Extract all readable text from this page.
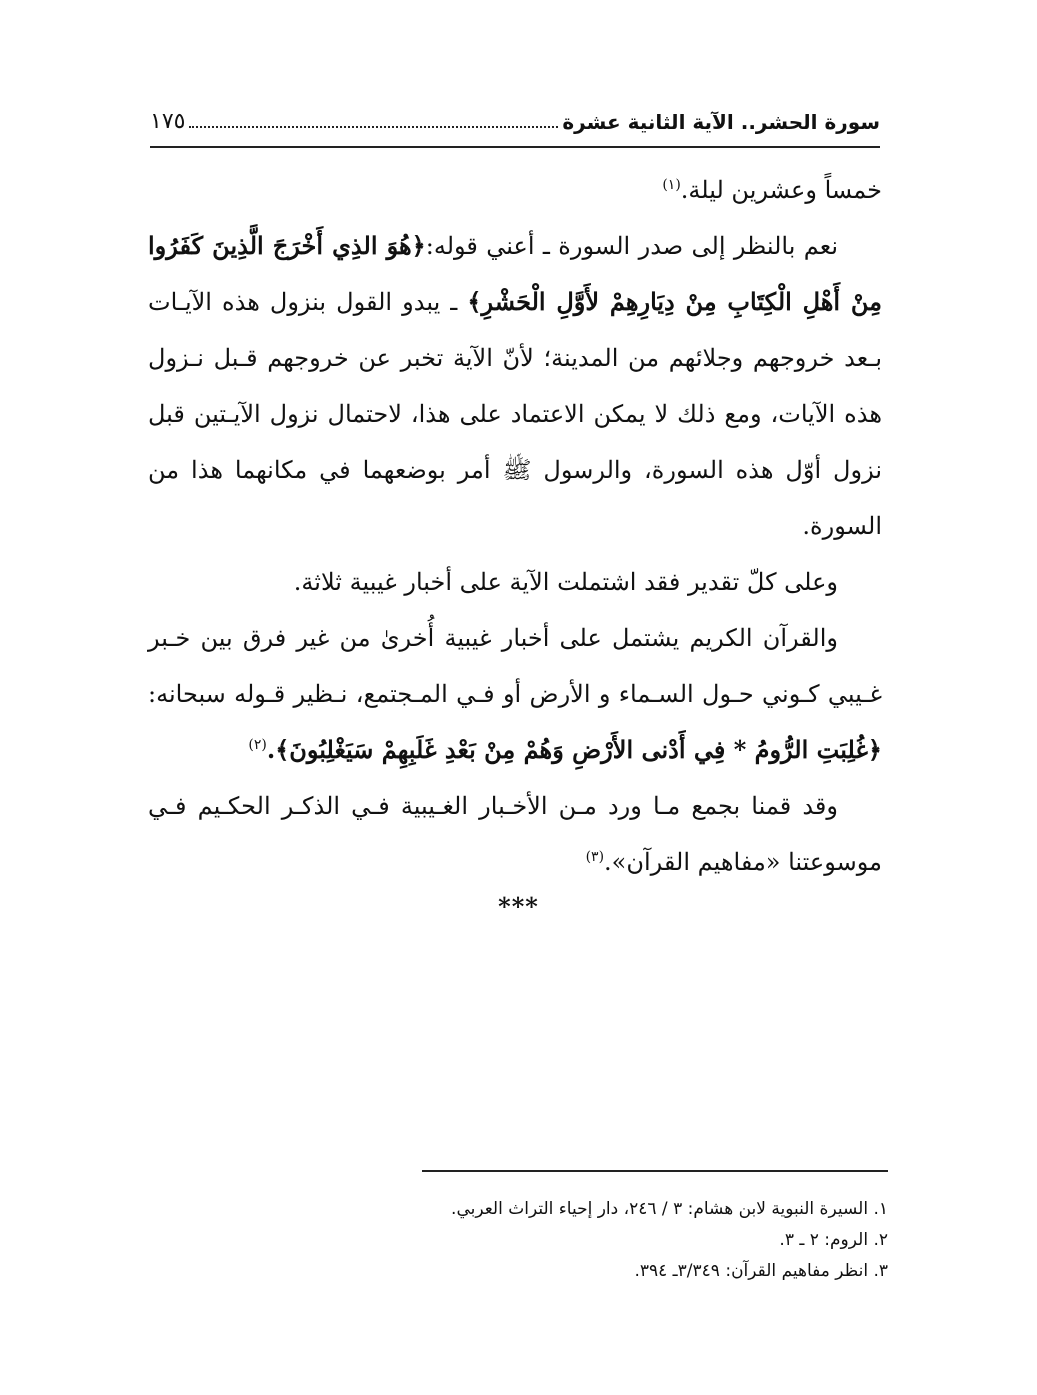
سورة الحشر.. الآية الثانية عشرة
١٧٥

خمساً وعشرين ليلة.$^{(١)}$

نعم بالنظر إلى صدر السورة ـ أعني قوله:﴿هُوَ الذِي أَخْرَجَ الَّذِينَ كَفَرُوا مِنْ أَهْلِ الْكِتَابِ مِنْ دِيَارِهِمْ لأَوَّلِ الْحَشْرِ﴾ ـ يبدو القول بنزول هذه الآيـات بـعد خروجهم وجلائهم من المدينة؛ لأنّ الآية تخبر عن خروجهم قـبل نـزول هذه الآيات، ومع ذلك لا يمكن الاعتماد على هذا، لاحتمال نزول الآيـتين قبل نزول أوّل هذه السورة، والرسول ﷺ أمر بوضعهما في مكانهما هذا من السورة.

وعلى كلّ تقدير فقد اشتملت الآية على أخبار غيبية ثلاثة.

والقرآن الكريم يشتمل على أخبار غيبية أُخرىٰ من غير فرق بين خـبر غـيبي كـوني حـول السـماء و الأرض أو فـي المـجتمع، نـظير قـوله سبحانه:﴿غُلِبَتِ الرُّومُ * فِي أَدْنى الأَرْضِ وَهُمْ مِنْ بَعْدِ غَلَبِهِمْ سَيَغْلِبُونَ﴾.$^{(٢)}$

وقد قمنا بجمع مـا ورد مـن الأخـبار الغـيبية فـي الذكـر الحكـيم فـي موسوعتنا «مفاهيم القرآن».$^{(٣)}$

***
١. السيرة النبوية لابن هشام: ٣ / ٢٤٦، دار إحياء التراث العربي.
٢. الروم: ٢ ـ ٣.
٣. انظر مفاهيم القرآن: ٣/٣٤٩ـ ٣٩٤.
